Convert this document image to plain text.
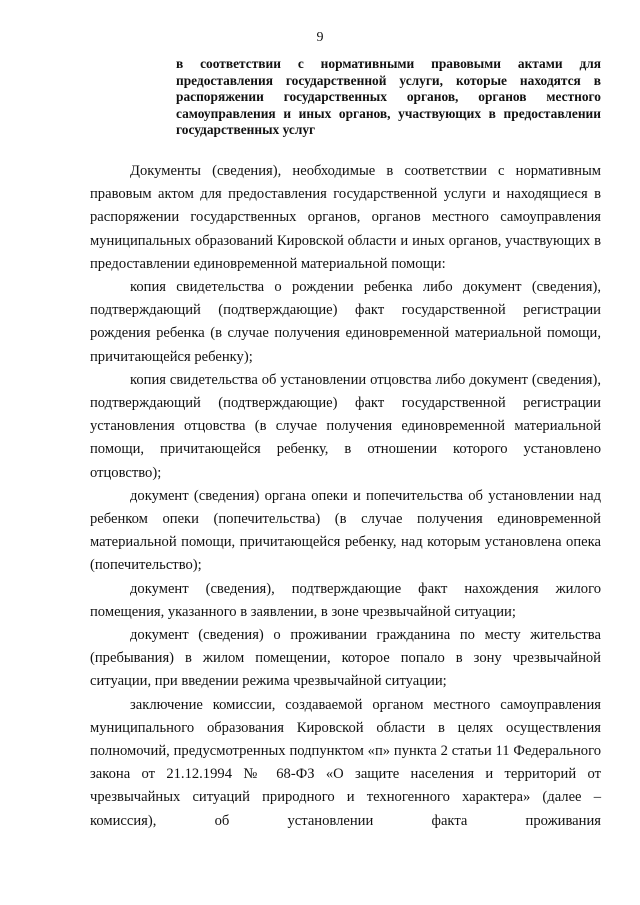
9
в соответствии с нормативными правовыми актами для предоставления государственной услуги, которые находятся в распоряжении государственных органов, органов местного самоуправления и иных органов, участвующих в предоставлении государственных услуг

Документы (сведения), необходимые в соответствии с нормативным правовым актом для предоставления государственной услуги и находящиеся в распоряжении государственных органов, органов местного самоуправления муниципальных образований Кировской области и иных органов, участвующих в предоставлении единовременной материальной помощи:

копия свидетельства о рождении ребенка либо документ (сведения), подтверждающий (подтверждающие) факт государственной регистрации рождения ребенка (в случае получения единовременной материальной помощи, причитающейся ребенку);

копия свидетельства об установлении отцовства либо документ (сведения), подтверждающий (подтверждающие) факт государственной регистрации установления отцовства (в случае получения единовременной материальной помощи, причитающейся ребенку, в отношении которого установлено отцовство);

документ (сведения) органа опеки и попечительства об установлении над ребенком опеки (попечительства) (в случае получения единовременной материальной помощи, причитающейся ребенку, над которым установлена опека (попечительство);

документ (сведения), подтверждающие факт нахождения жилого помещения, указанного в заявлении, в зоне чрезвычайной ситуации;

документ (сведения) о проживании гражданина по месту жительства (пребывания) в жилом помещении, которое попало в зону чрезвычайной ситуации, при введении режима чрезвычайной ситуации;

заключение комиссии, создаваемой органом местного самоуправления муниципального образования Кировской области в целях осуществления полномочий, предусмотренных подпунктом «п» пункта 2 статьи 11 Федерального закона от 21.12.1994 № 68-ФЗ «О защите населения и территорий от чрезвычайных ситуаций природного и техногенного характера» (далее – комиссия), об установлении факта проживания
